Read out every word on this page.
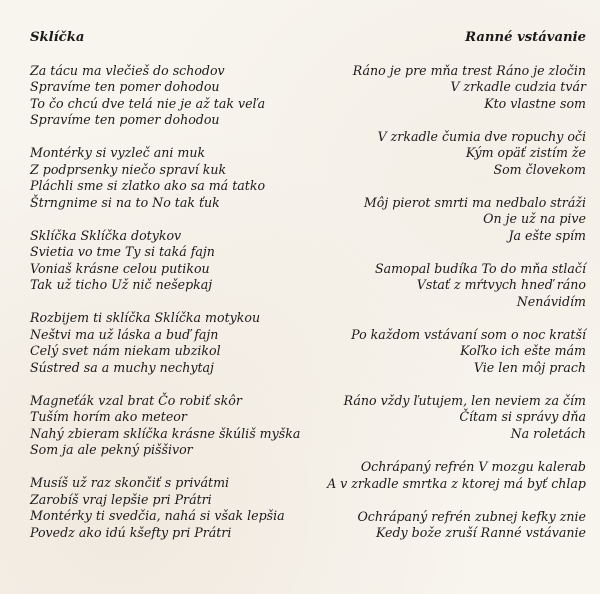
Sklíčka
Za tácu ma vlečieš do schodov
Spravíme ten pomer dohodou
To čo chcú dve telá nie je až tak veľa
Spravíme ten pomer dohodou
Montérky si vyzleč ani muk
Z podprsenky niečo spraví kuk
Pláchli sme si zlatko ako sa má tatko
Štrngnime si na to No tak ťuk
Sklíčka Sklíčka dotykov
Svietia vo tme Ty si taká fajn
Voniaš krásne celou putikou
Tak už ticho Už nič nešepkaj
Rozbijem ti sklíčka Sklíčka motykou
Neštvi ma už láska a buď fajn
Celý svet nám niekam ubzikol
Sústred sa a muchy nechytaj
Magneťák vzal brat Čo robiť skôr
Tuším horím ako meteor
Nahý zbieram sklíčka krásne škúliš myška
Som ja ale pekný piššivor
Musíš už raz skončiť s privátmi
Zarobíš vraj lepšie pri Prátri
Montérky ti svedčia, nahá si však lepšia
Povedz ako idú kšefty pri Prátri
Ranné vstávanie
Ráno je pre mňa trest Ráno je zločin
V zrkadle cudzia tvár
Kto vlastne som
V zrkadle čumia dve ropuchy oči
Kým opäť zistím že
Som človekom
Môj pierot smrti ma nedbalo stráži
On je už na pive
Ja ešte spím
Samopal budíka To do mňa stlačí
Vstať z mŕtvych hneď ráno
Nenávidím
Po každom vstávaní som o noc kratší
Koľko ich ešte mám
Vie len môj prach
Ráno vždy ľutujem, len neviem za čím
Čítam si správy dňa
Na roletách
Ochrápaný refrén V mozgu kalerab
A v zrkadle smrtka z ktorej má byť chlap
Ochrápaný refrén zubnej kefky znie
Kedy bože zruší Ranné vstávanie
